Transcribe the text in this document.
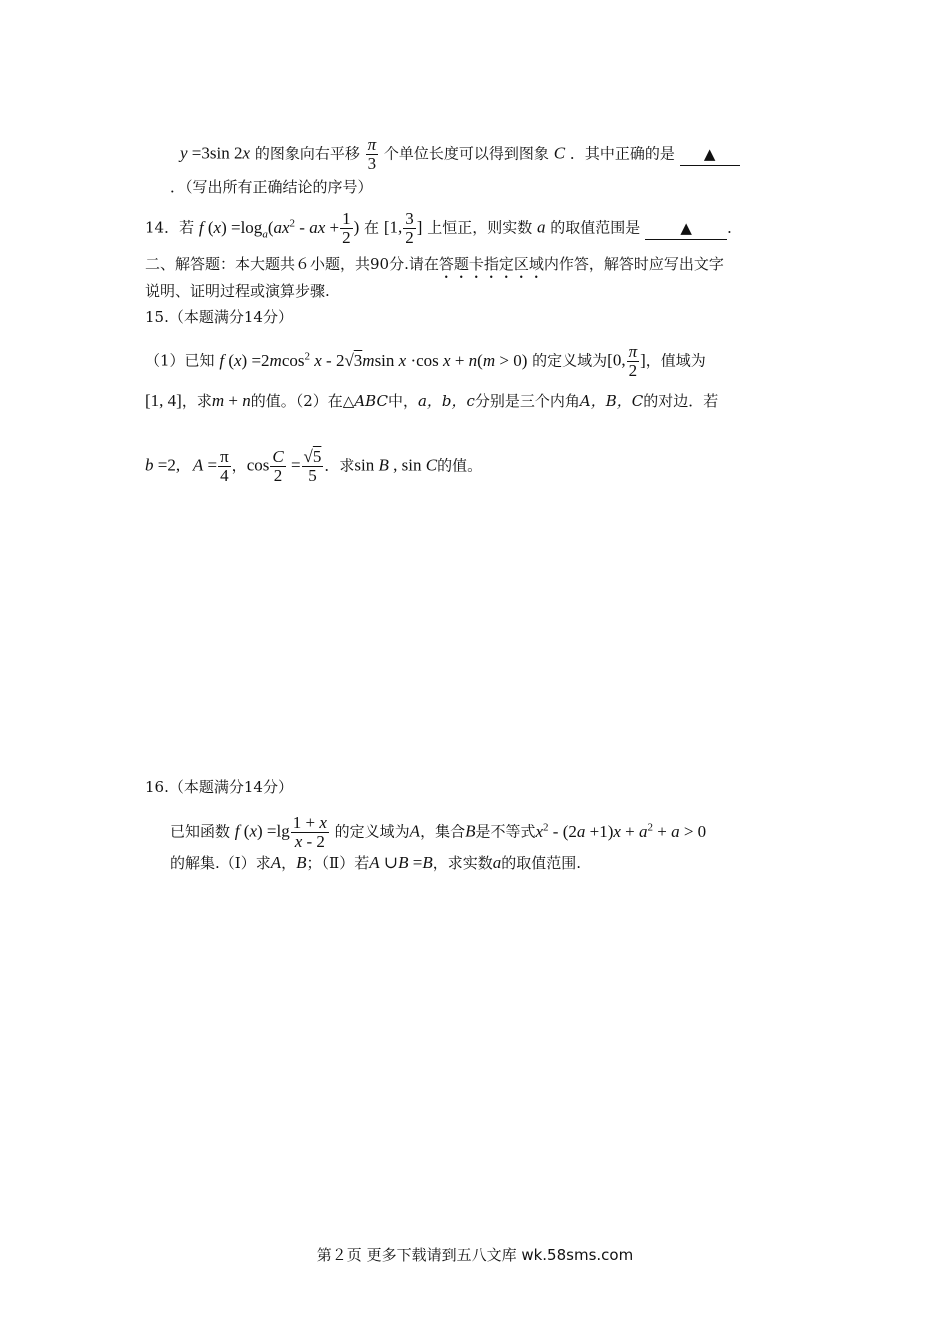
y =3sin 2x 的图象向右平移 $\frac{\pi}{3}$ 个单位长度可以得到图象 C ．其中正确的是 ▲
．（写出所有正确结论的序号）
14．若 f $(x) =\log_a(ax^2$ - ax + $\frac{1}{2}$ ) 在 [1, $\frac{3}{2}$ ] 上恒正，则实数 a 的取值范围是	▲ ．
二、解答题：本大题共６小题，共90分.请在答题卡指定区域内作答，解答时应写出文字
说明、证明过程或演算步骤.
15.（本题满分14分）
（1）已知 f (x) =2mcos$^2$ x - 2√3msin x ·cos x + n(m > 0) 的定义域为[0, $\frac{\pi}{2}$ ]，值域为
[1, 4]，求m + n的值。（2）在△ABC中，a，b，c分别是三个内角A，B，C的对边．若
b =2,   $A = \frac{\pi}{4}$ ，$\cos \frac{C}{2} = \frac{√5}{5}$ ．求sin B , sin C的值。
16.（本题满分14分）
已知函数 f $(x) =\lg \frac{1 + x}{x - 2}$ 的定义域为A，集合B是不等式$x^2 - (2a +1)x + a^2 + a > 0$
的解集.（Ⅰ）求A，B；（Ⅱ）若A ∪B =B，求实数a的取值范围.
第２页 更多下载请到五八文库 wk.58sms.com
